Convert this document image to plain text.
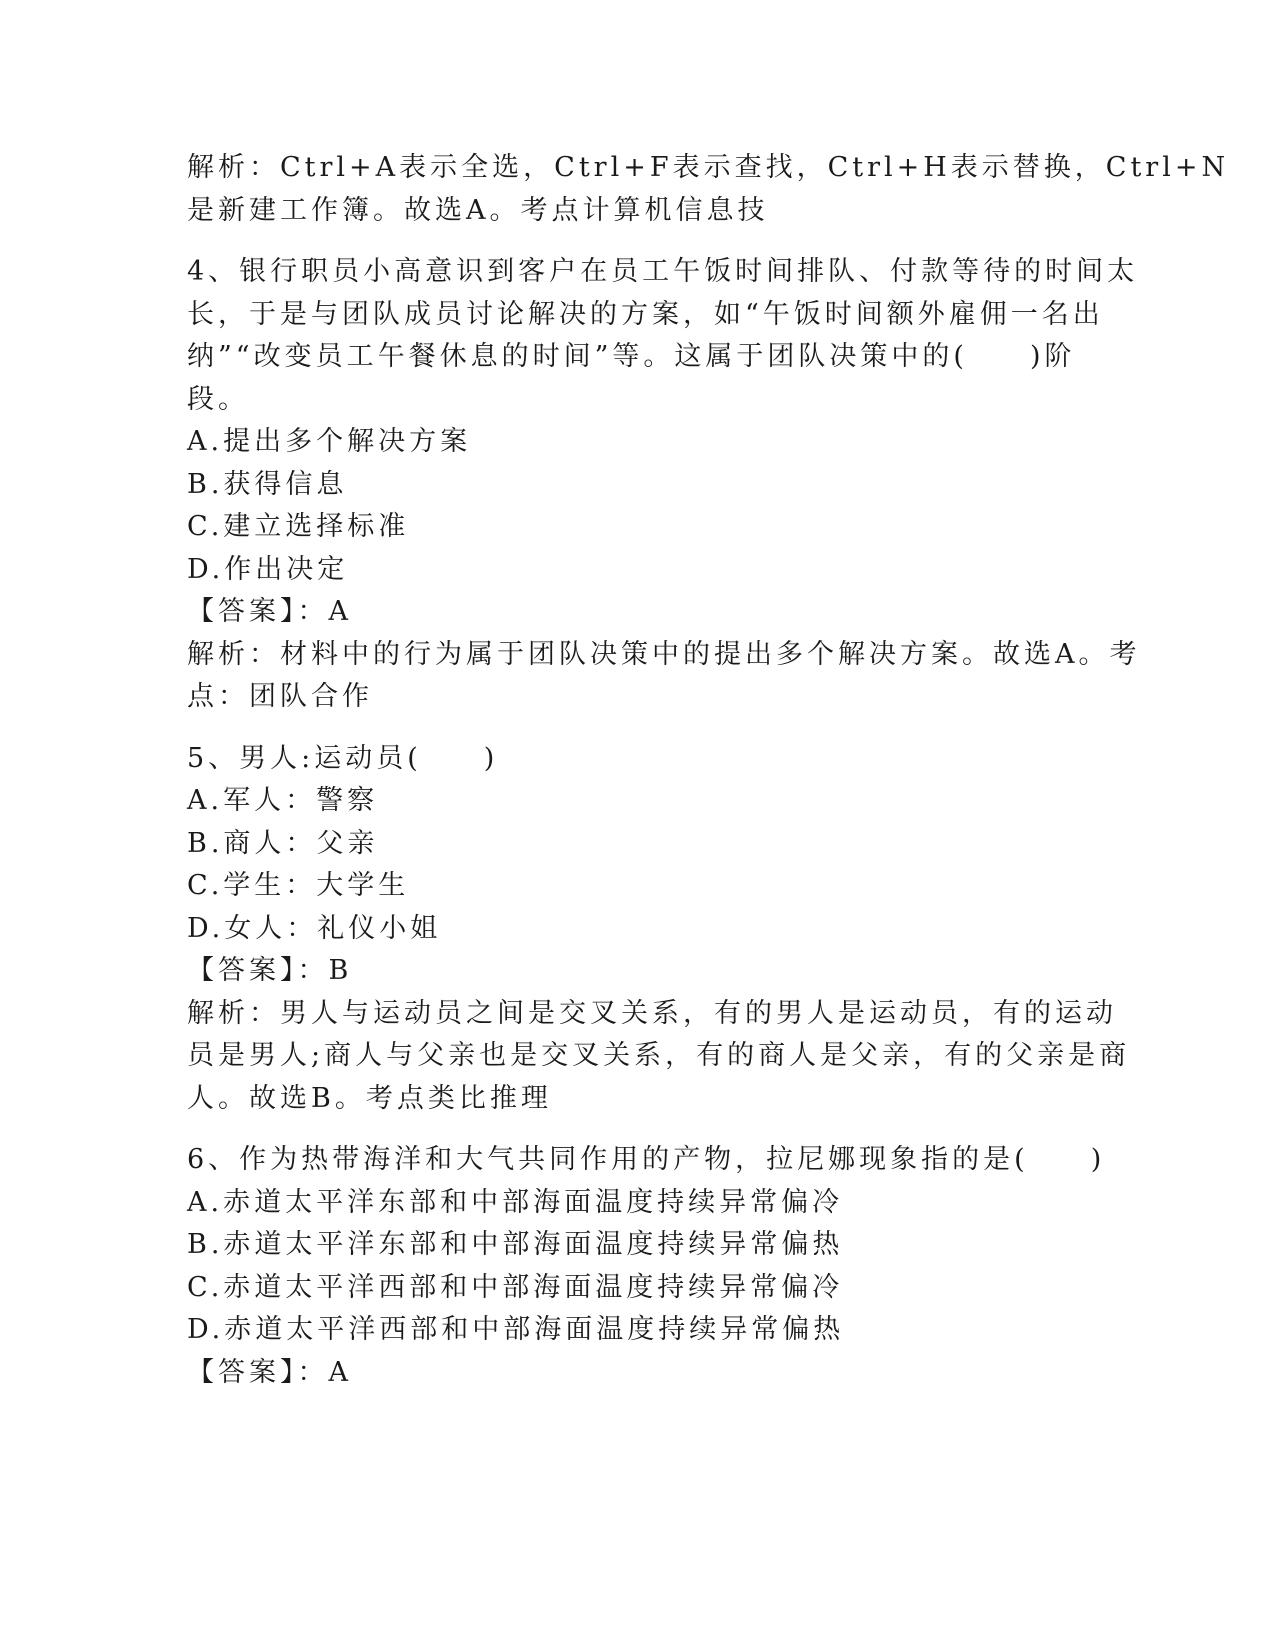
解析：Ctrl+A表示全选，Ctrl+F表示查找，Ctrl+H表示替换，Ctrl+N
是新建工作簿。故选A。考点计算机信息技
4、银行职员小高意识到客户在员工午饭时间排队、付款等待的时间太
长，于是与团队成员讨论解决的方案，如“午饭时间额外雇佣一名出
纳”“改变员工午餐休息的时间”等。这属于团队决策中的(　　)阶
段。
A.提出多个解决方案
B.获得信息
C.建立选择标准
D.作出决定
【答案】：A
解析：材料中的行为属于团队决策中的提出多个解决方案。故选A。考
点：团队合作
5、男人:运动员(　　)
A.军人：警察
B.商人：父亲
C.学生：大学生
D.女人：礼仪小姐
【答案】：B
解析：男人与运动员之间是交叉关系，有的男人是运动员，有的运动
员是男人;商人与父亲也是交叉关系，有的商人是父亲，有的父亲是商
人。故选B。考点类比推理
6、作为热带海洋和大气共同作用的产物，拉尼娜现象指的是(　　)
A.赤道太平洋东部和中部海面温度持续异常偏冷
B.赤道太平洋东部和中部海面温度持续异常偏热
C.赤道太平洋西部和中部海面温度持续异常偏冷
D.赤道太平洋西部和中部海面温度持续异常偏热
【答案】：A
